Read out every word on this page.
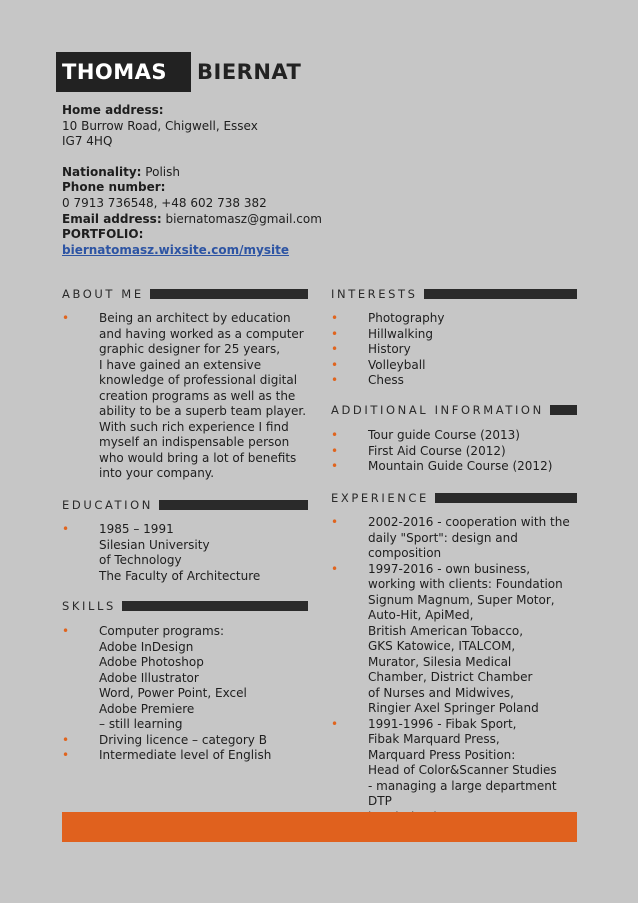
THOMAS	BIERNAT
Home address:
10 Burrow Road, Chigwell, Essex
IG7 4HQ
Nationality: Polish
Phone number:
0 7913 736548, +48 602 738 382
Email address: biernatomasz@gmail.com
PORTFOLIO:
biernatomasz.wixsite.com/mysite
ABOUT ME
• Being an architect by education
and having worked as a computer
graphic designer for 25 years,
I have gained an extensive
knowledge of professional digital
creation programs as well as the
ability to be a superb team player.
With such rich experience I find
myself an indispensable person
who would bring a lot of benefits
into your company.
EDUCATION
• 1985 – 1991
Silesian University
of Technology
The Faculty of Architecture
SKILLS
• Computer programs:
Adobe InDesign
Adobe Photoshop
Adobe Illustrator
Word, Power Point, Excel
Adobe Premiere
– still learning
• Driving licence – category B
• Intermediate level of English
INTERESTS
• Photography
• Hillwalking
• History
• Volleyball
• Chess
ADDITIONAL INFORMATION
• Tour guide Course (2013)
• First Aid Course (2012)
• Mountain Guide Course (2012)
EXPERIENCE
• 2002-2016 - cooperation with the
daily "Sport": design and composition
• 1997-2016 - own business,
working with clients: Foundation
Signum Magnum, Super Motor,
Auto-Hit, ApiMed,
British American Tobacco,
GKS Katowice, ITALCOM,
Murator, Silesia Medical
Chamber, District Chamber
of Nurses and Midwives,
Ringier Axel Springer Poland
• 1991-1996 - Fibak Sport,
Fibak Marquard Press,
Marquard Press Position:
Head of Color&Scanner Studies
- managing a large department DTP
